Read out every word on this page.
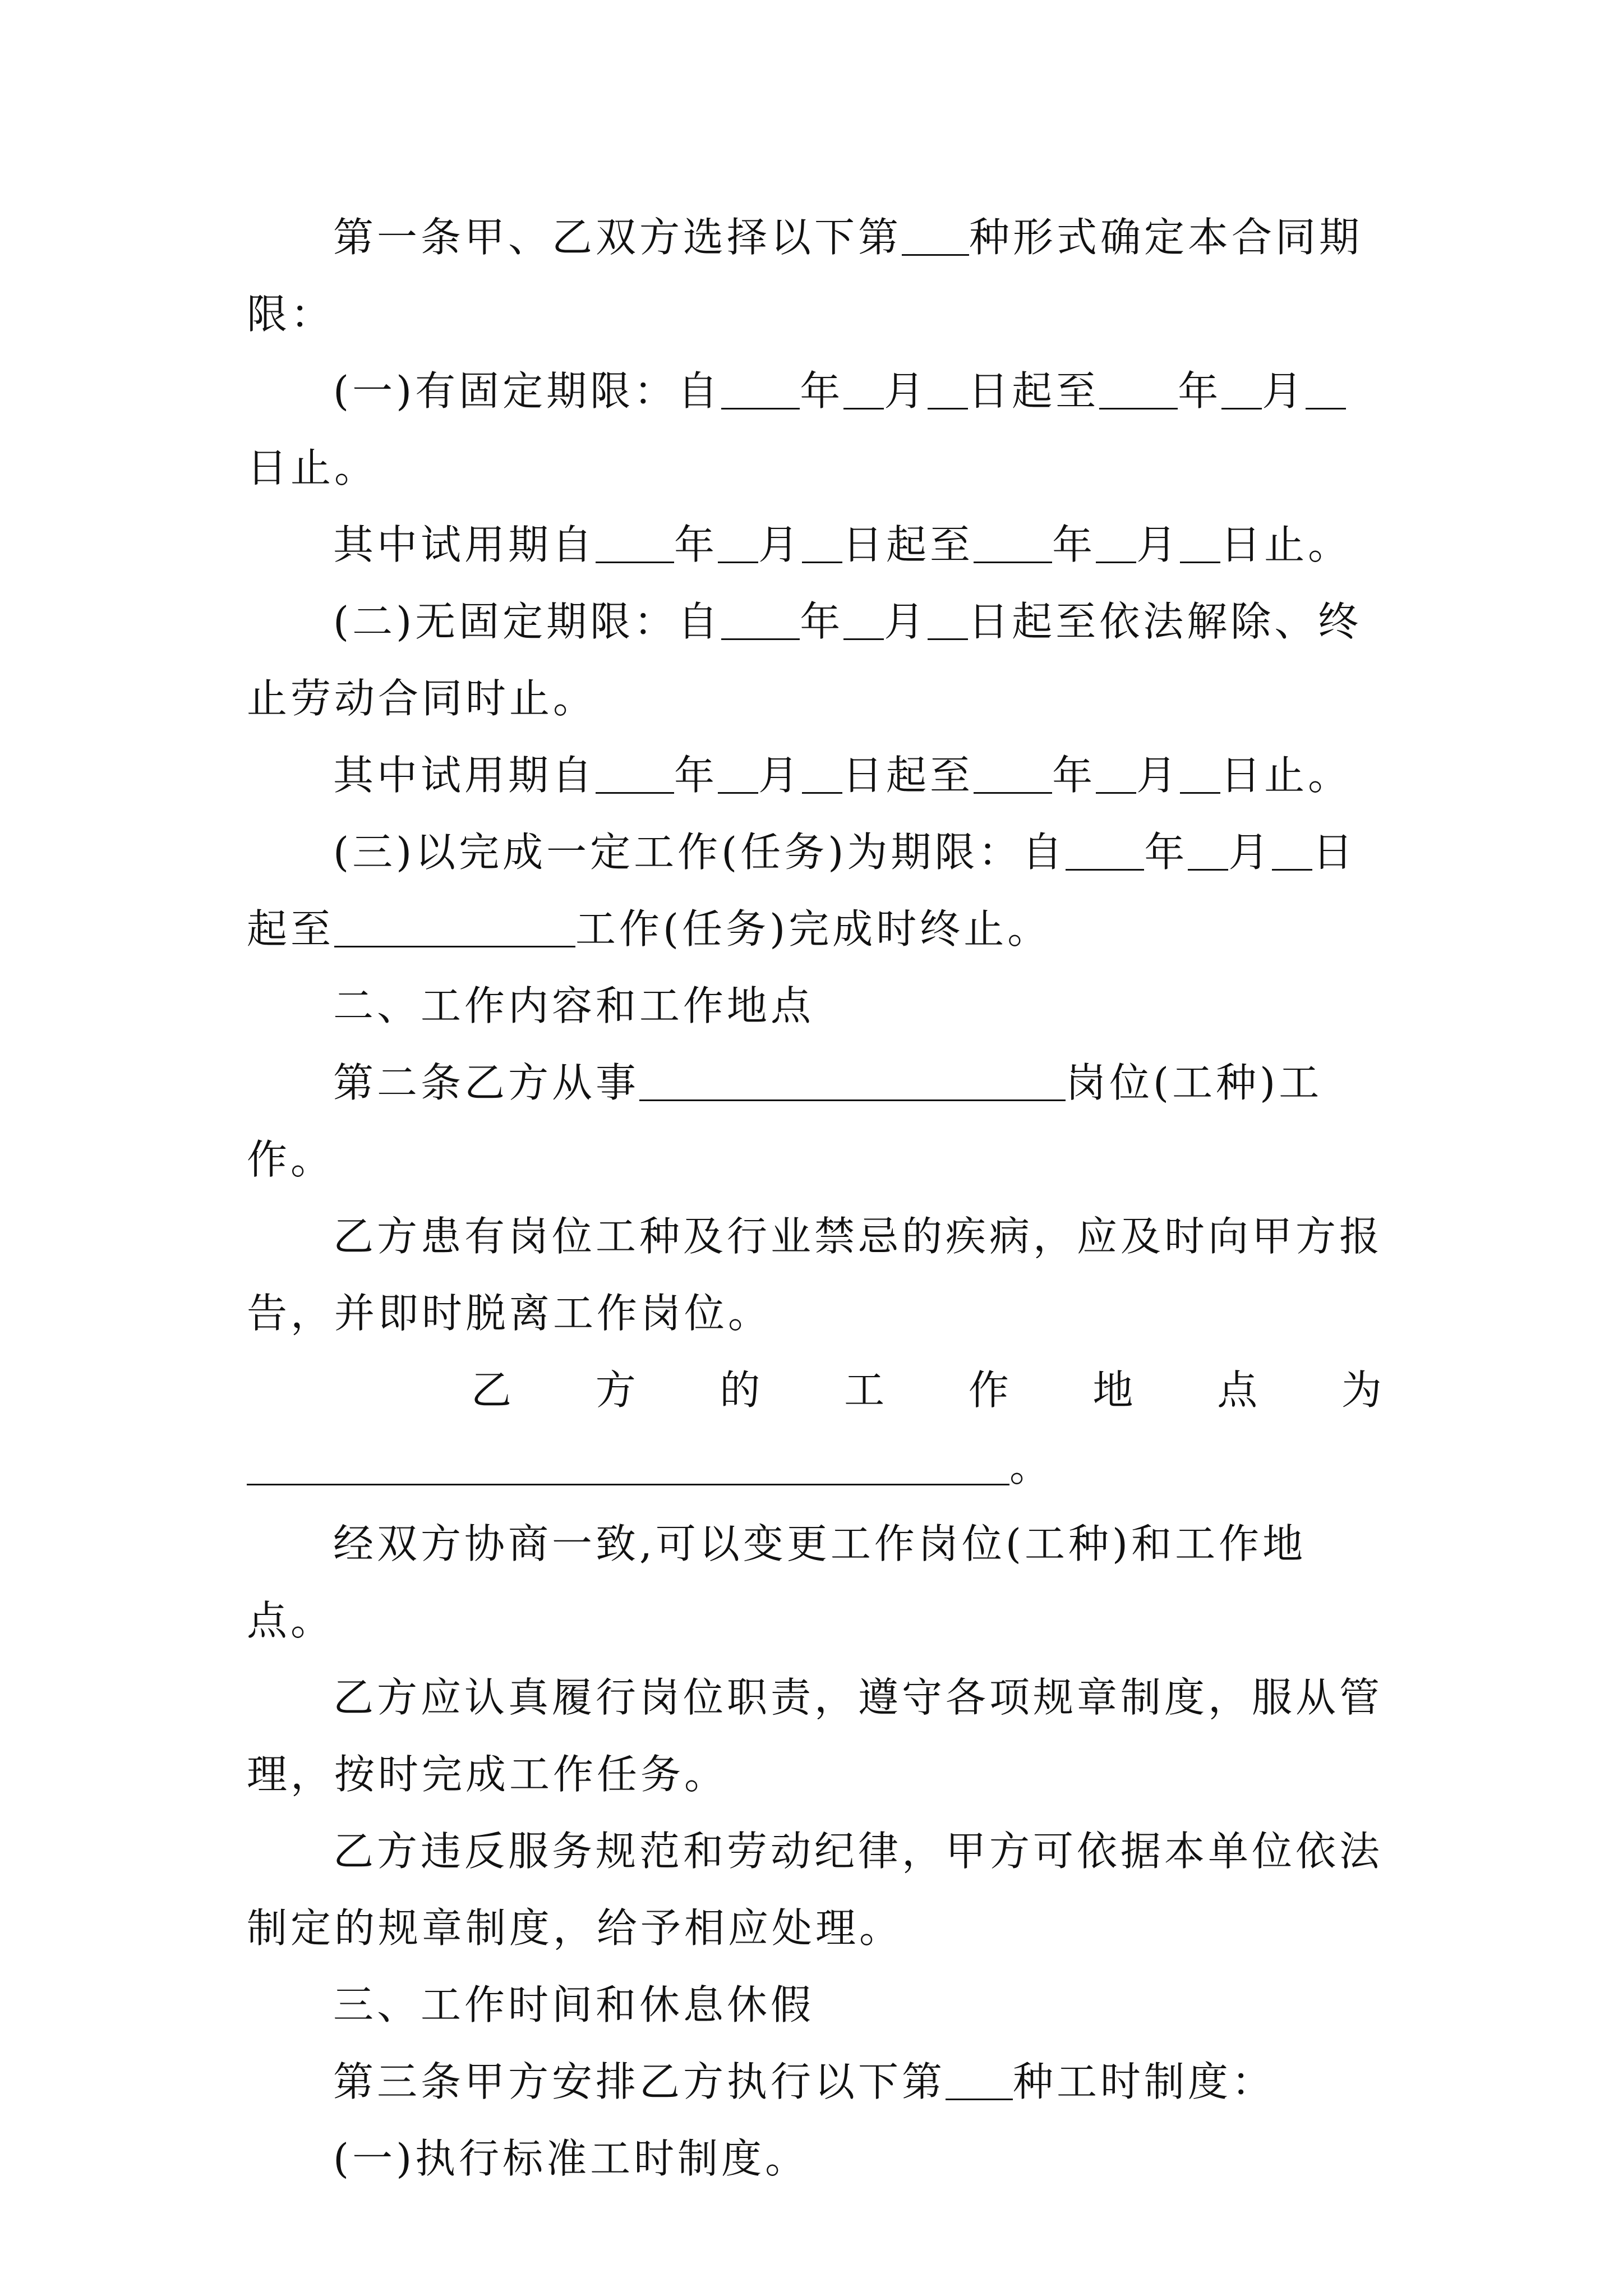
第一条甲、乙双方选择以下第 种形式确定本合同期限：

(一)有固定期限：自 年 月 日起至 年 月日止。

其中试用期自 年 月 日起至 年 月 日止。

(二)无固定期限：自 年 月 日起至依法解除、终止劳动合同时止。

其中试用期自 年 月 日起至 年 月 日止。

(三)以完成一定工作(任务)为期限：自 年 月 日起至	工作(任务)完成时终止。

二、工作内容和工作地点

第二条乙方从事	岗位(工种)工作。

乙方患有岗位工种及行业禁忌的疾病，应及时向甲方报告，并即时脱离工作岗位。

乙 方 的 工 作 地 点 为
。

经双方协商一致,可以变更工作岗位(工种)和工作地点。

乙方应认真履行岗位职责，遵守各项规章制度，服从管理，按时完成工作任务。

乙方违反服务规范和劳动纪律，甲方可依据本单位依法制定的规章制度，给予相应处理。

三、工作时间和休息休假

第三条甲方安排乙方执行以下第 种工时制度：

(一)执行标准工时制度。
